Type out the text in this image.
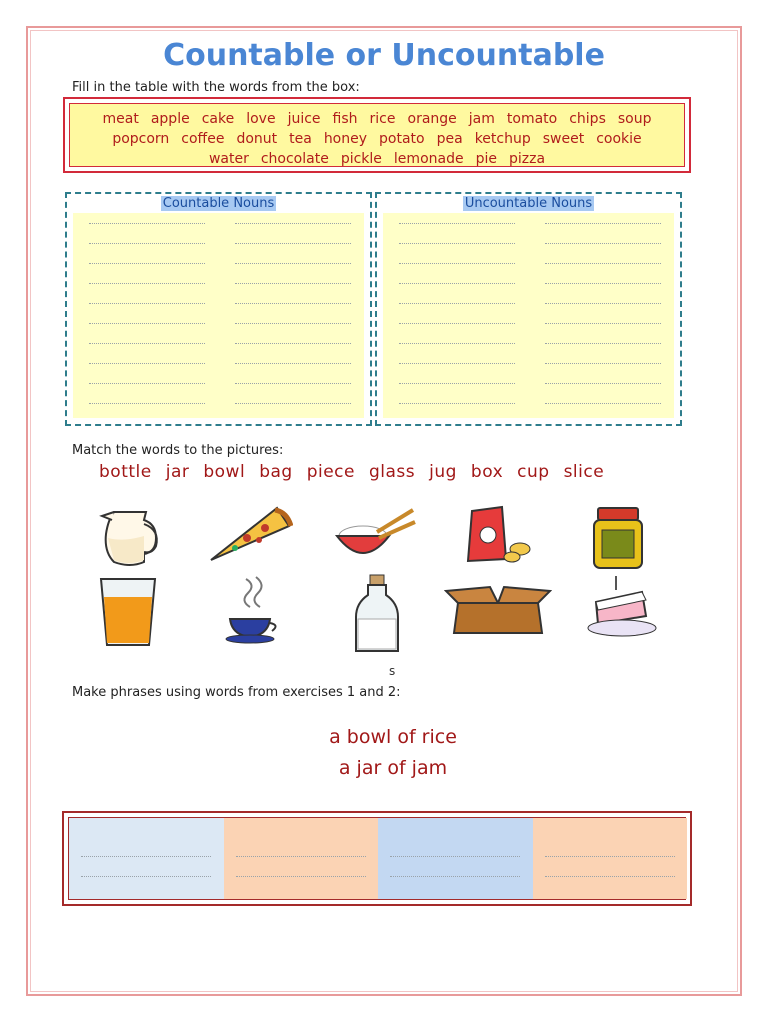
Countable or Uncountable
Fill in the table with the words from the box:
meat apple cake love juice fish rice orange jam tomato chips soup
popcorn coffee donut tea honey potato pea ketchup sweet cookie
water chocolate pickle lemonade pie pizza
Countable Nouns	Uncountable Nouns
Match the words to the pictures:
bottle jar bowl bag piece glass jug box cup slice
s
Make phrases using words from exercises 1 and 2:
a bowl of rice
a jar of jam
